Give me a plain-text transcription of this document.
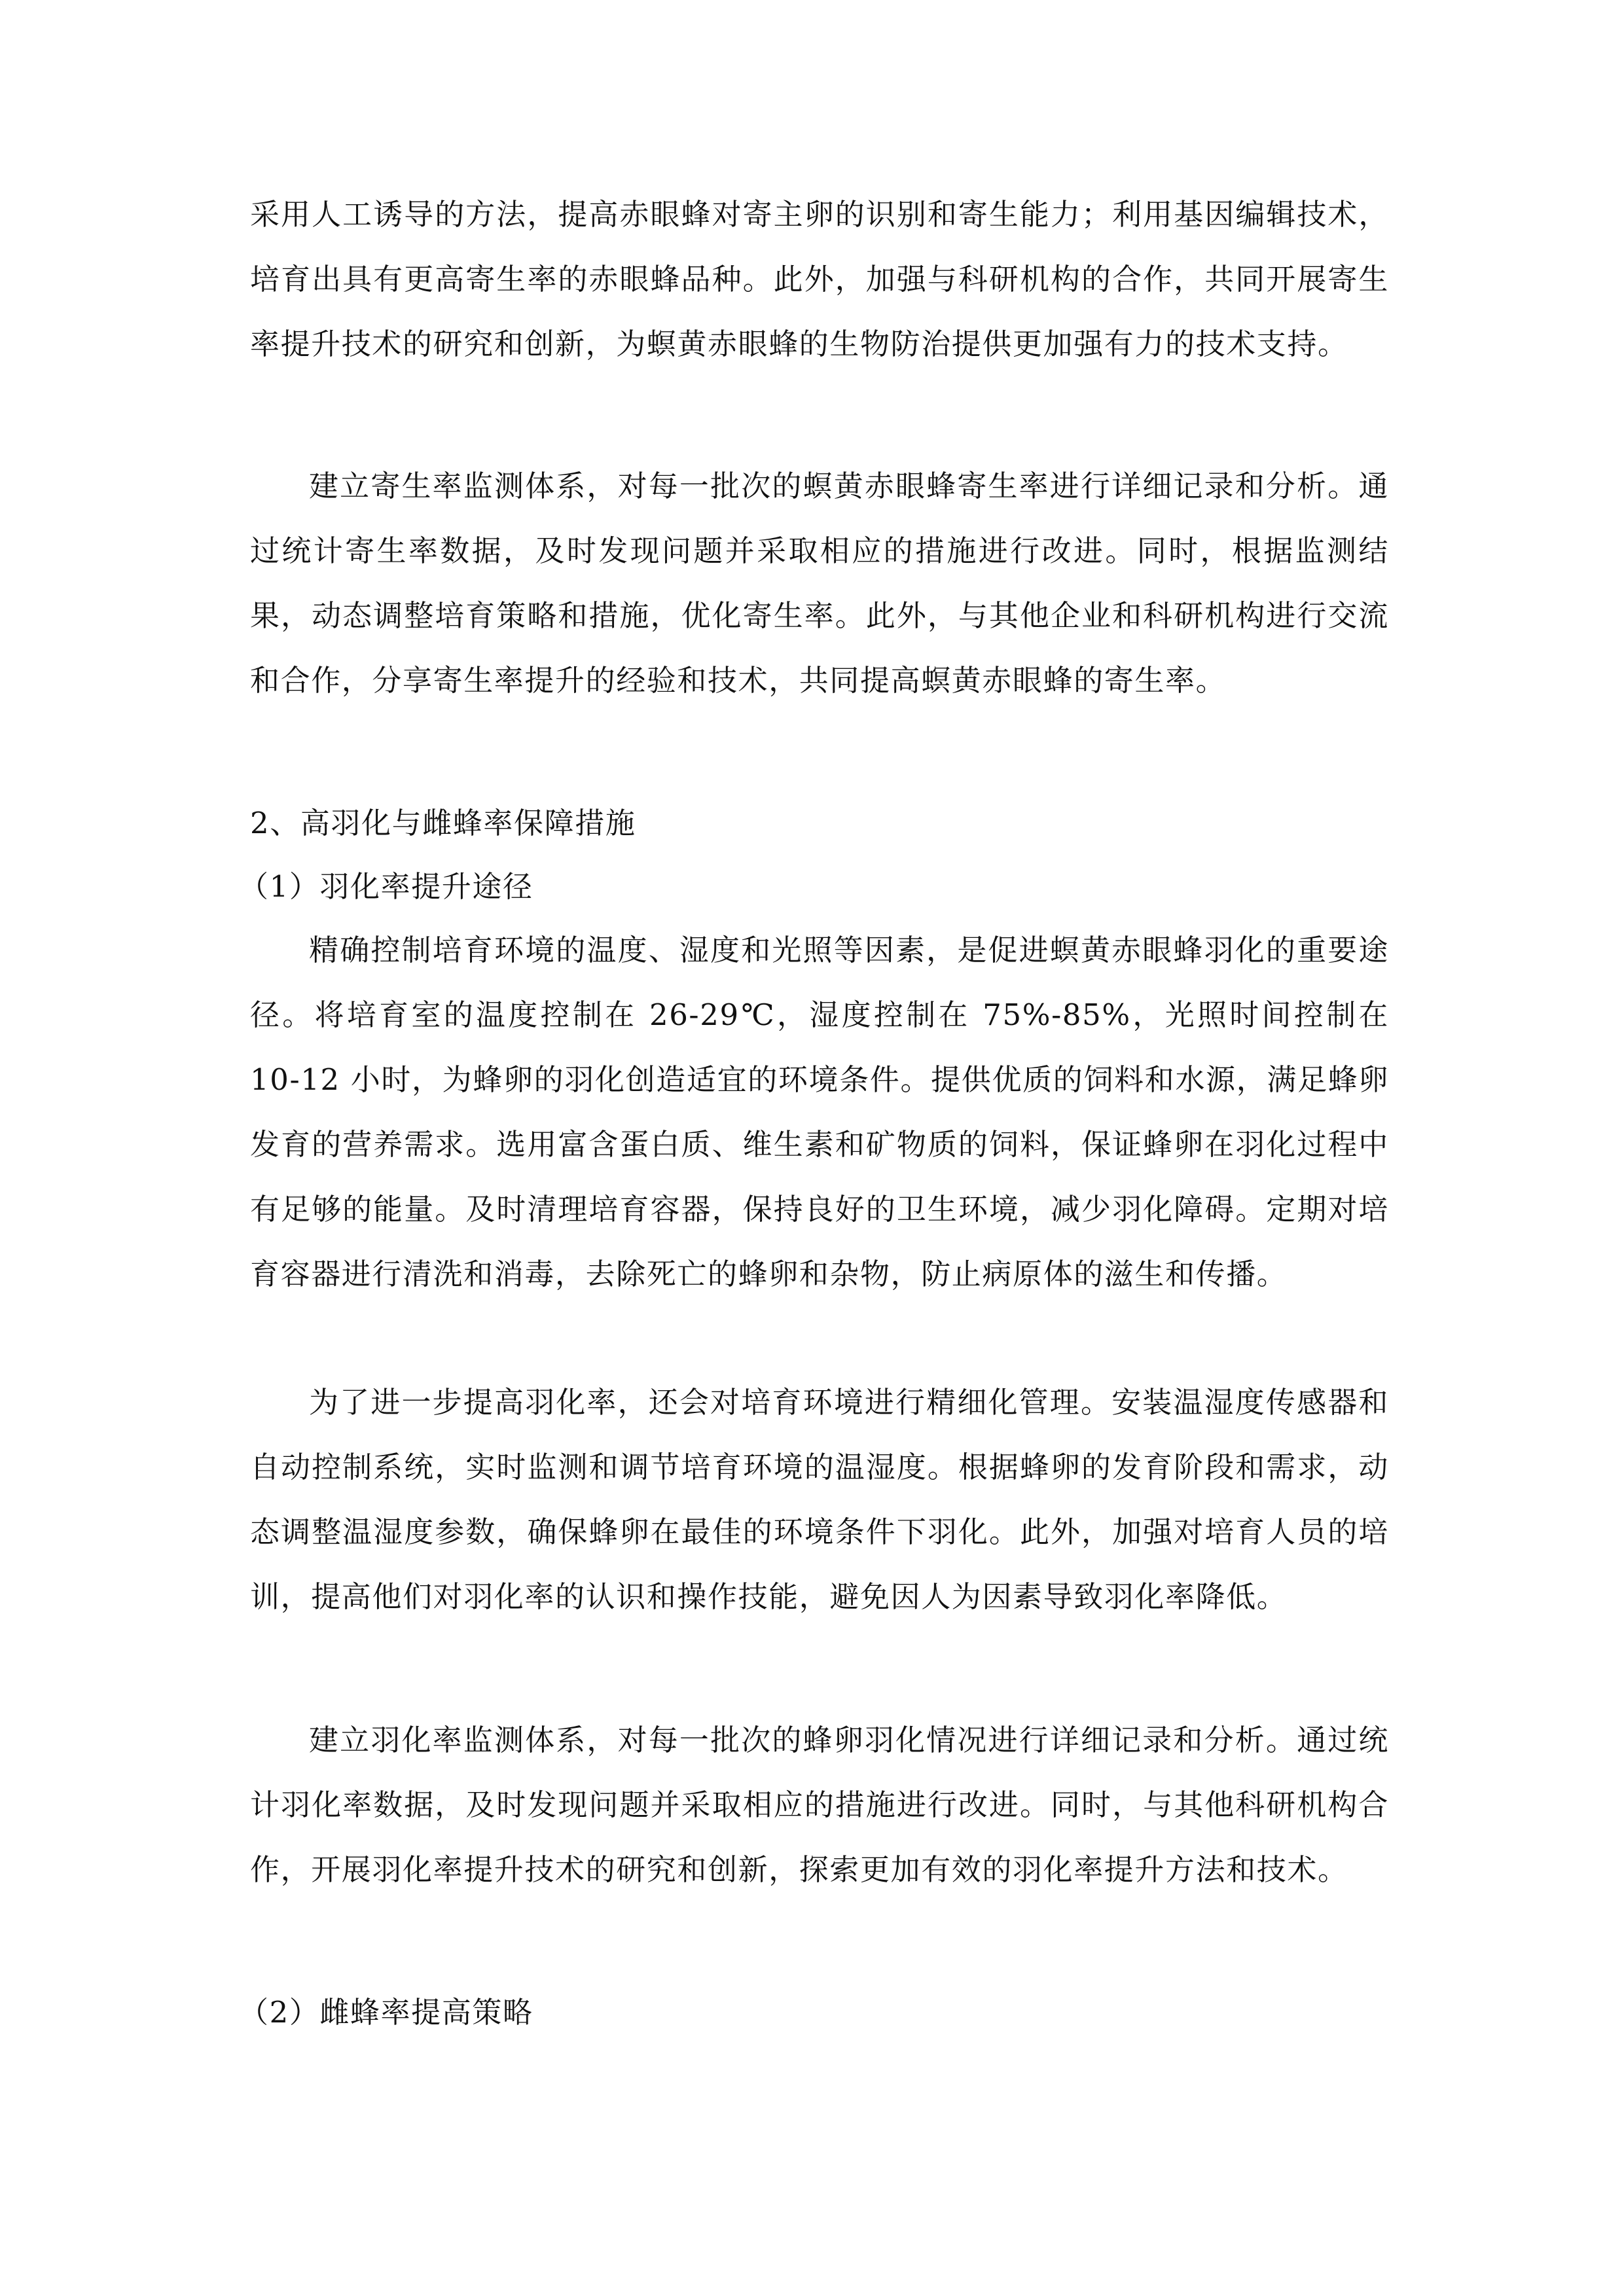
采用人工诱导的方法，提高赤眼蜂对寄主卵的识别和寄生能力；利用基因编辑技术，培育出具有更高寄生率的赤眼蜂品种。此外，加强与科研机构的合作，共同开展寄生率提升技术的研究和创新，为螟黄赤眼蜂的生物防治提供更加强有力的技术支持。

建立寄生率监测体系，对每一批次的螟黄赤眼蜂寄生率进行详细记录和分析。通过统计寄生率数据，及时发现问题并采取相应的措施进行改进。同时，根据监测结果，动态调整培育策略和措施，优化寄生率。此外，与其他企业和科研机构进行交流和合作，分享寄生率提升的经验和技术，共同提高螟黄赤眼蜂的寄生率。

2、高羽化与雌蜂率保障措施
（1）羽化率提升途径

精确控制培育环境的温度、湿度和光照等因素，是促进螟黄赤眼蜂羽化的重要途径。将培育室的温度控制在 26-29℃，湿度控制在 75%-85%，光照时间控制在 10-12 小时，为蜂卵的羽化创造适宜的环境条件。提供优质的饲料和水源，满足蜂卵发育的营养需求。选用富含蛋白质、维生素和矿物质的饲料，保证蜂卵在羽化过程中有足够的能量。及时清理培育容器，保持良好的卫生环境，减少羽化障碍。定期对培育容器进行清洗和消毒，去除死亡的蜂卵和杂物，防止病原体的滋生和传播。

为了进一步提高羽化率，还会对培育环境进行精细化管理。安装温湿度传感器和自动控制系统，实时监测和调节培育环境的温湿度。根据蜂卵的发育阶段和需求，动态调整温湿度参数，确保蜂卵在最佳的环境条件下羽化。此外，加强对培育人员的培训，提高他们对羽化率的认识和操作技能，避免因人为因素导致羽化率降低。

建立羽化率监测体系，对每一批次的蜂卵羽化情况进行详细记录和分析。通过统计羽化率数据，及时发现问题并采取相应的措施进行改进。同时，与其他科研机构合作，开展羽化率提升技术的研究和创新，探索更加有效的羽化率提升方法和技术。

（2）雌蜂率提高策略
